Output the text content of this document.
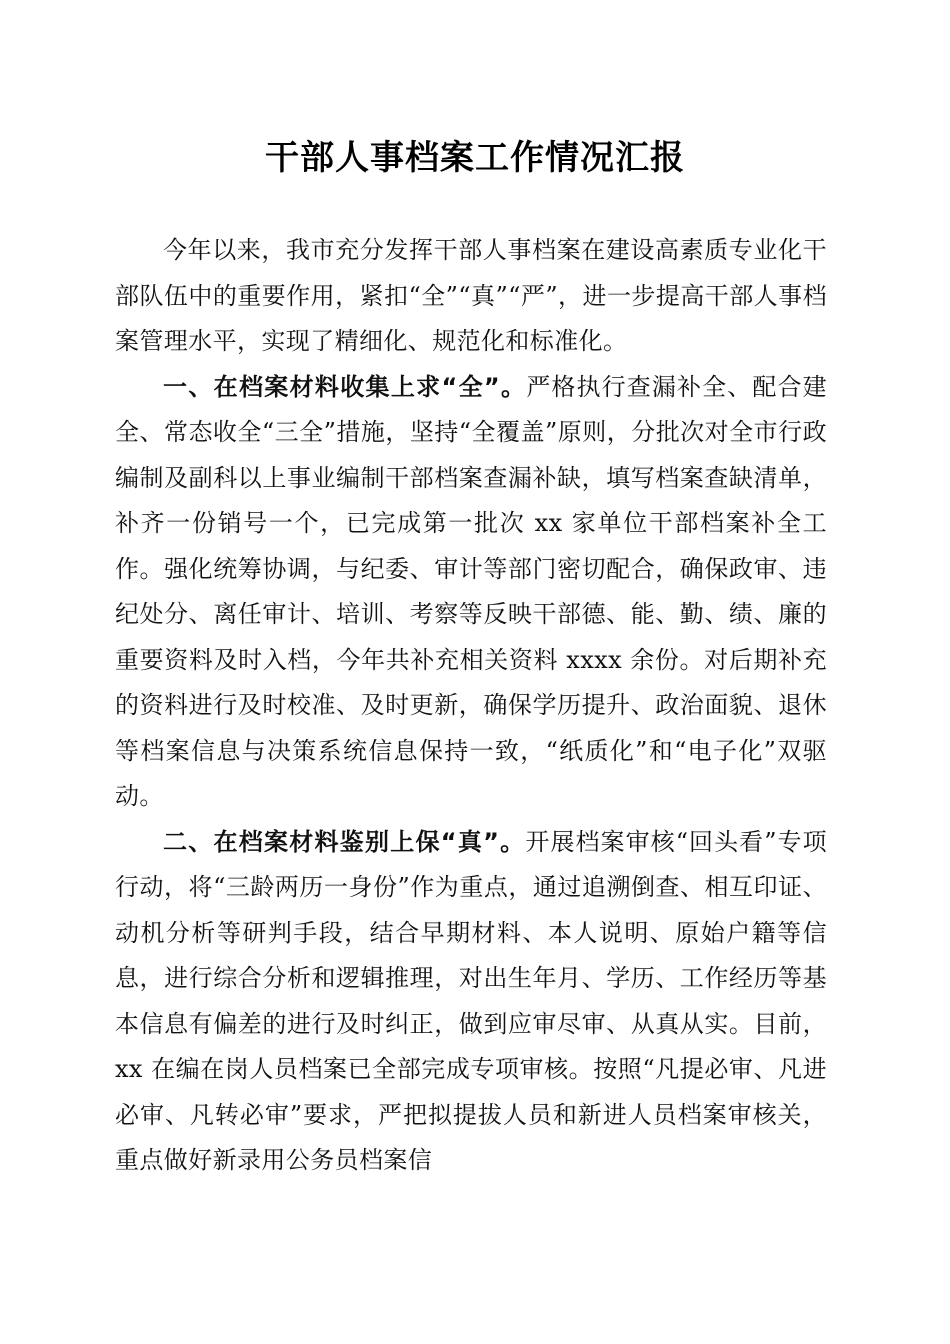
干部人事档案工作情况汇报

今年以来，我市充分发挥干部人事档案在建设高素质专业化干部队伍中的重要作用，紧扣“全”“真”“严”，进一步提高干部人事档案管理水平，实现了精细化、规范化和标准化。

一、在档案材料收集上求“全”。严格执行查漏补全、配合建全、常态收全“三全”措施，坚持“全覆盖”原则，分批次对全市行政编制及副科以上事业编制干部档案查漏补缺，填写档案查缺清单，补齐一份销号一个，已完成第一批次 xx 家单位干部档案补全工作。强化统筹协调，与纪委、审计等部门密切配合，确保政审、违纪处分、离任审计、培训、考察等反映干部德、能、勤、绩、廉的重要资料及时入档，今年共补充相关资料 xxxx 余份。对后期补充的资料进行及时校准、及时更新，确保学历提升、政治面貌、退休等档案信息与决策系统信息保持一致，“纸质化”和“电子化”双驱动。

二、在档案材料鉴别上保“真”。开展档案审核“回头看”专项行动，将“三龄两历一身份”作为重点，通过追溯倒查、相互印证、动机分析等研判手段，结合早期材料、本人说明、原始户籍等信息，进行综合分析和逻辑推理，对出生年月、学历、工作经历等基本信息有偏差的进行及时纠正，做到应审尽审、从真从实。目前，xx 在编在岗人员档案已全部完成专项审核。按照“凡提必审、凡进必审、凡转必审”要求，严把拟提拔人员和新进人员档案审核关，重点做好新录用公务员档案信
